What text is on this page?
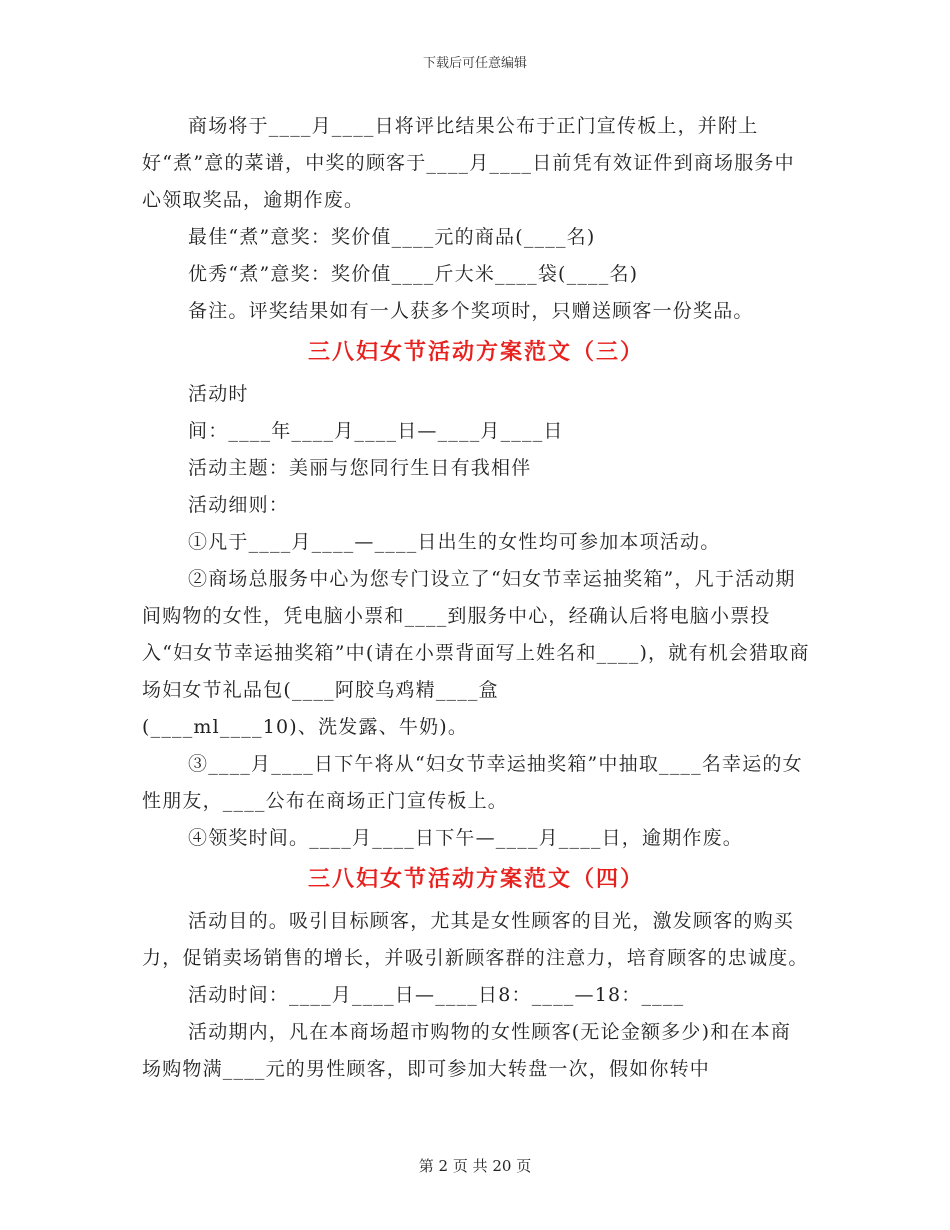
下载后可任意编辑

商场将于____月____日将评比结果公布于正门宣传板上，并附上好“煮”意的菜谱，中奖的顾客于____月____日前凭有效证件到商场服务中心领取奖品，逾期作废。

最佳“煮”意奖：奖价值____元的商品(____名)

优秀“煮”意奖：奖价值____斤大米____袋(____名)

备注。评奖结果如有一人获多个奖项时，只赠送顾客一份奖品。

三八妇女节活动方案范文（三）

活动时

间：____年____月____日—____月____日

活动主题：美丽与您同行生日有我相伴

活动细则：

①凡于____月____—____日出生的女性均可参加本项活动。

②商场总服务中心为您专门设立了“妇女节幸运抽奖箱”，凡于活动期间购物的女性，凭电脑小票和____到服务中心，经确认后将电脑小票投入“妇女节幸运抽奖箱”中(请在小票背面写上姓名和____)，就有机会猎取商场妇女节礼品包(____阿胶乌鸡精____盒

(____ml____10)、洗发露、牛奶)。

③____月____日下午将从“妇女节幸运抽奖箱”中抽取____名幸运的女性朋友，____公布在商场正门宣传板上。

④领奖时间。____月____日下午—____月____日，逾期作废。

三八妇女节活动方案范文（四）

活动目的。吸引目标顾客，尤其是女性顾客的目光，激发顾客的购买力，促销卖场销售的增长，并吸引新顾客群的注意力，培育顾客的忠诚度。

活动时间：____月____日—____日8：____—18：____

活动期内，凡在本商场超市购物的女性顾客(无论金额多少)和在本商场购物满____元的男性顾客，即可参加大转盘一次，假如你转中

第 2 页 共 20 页
